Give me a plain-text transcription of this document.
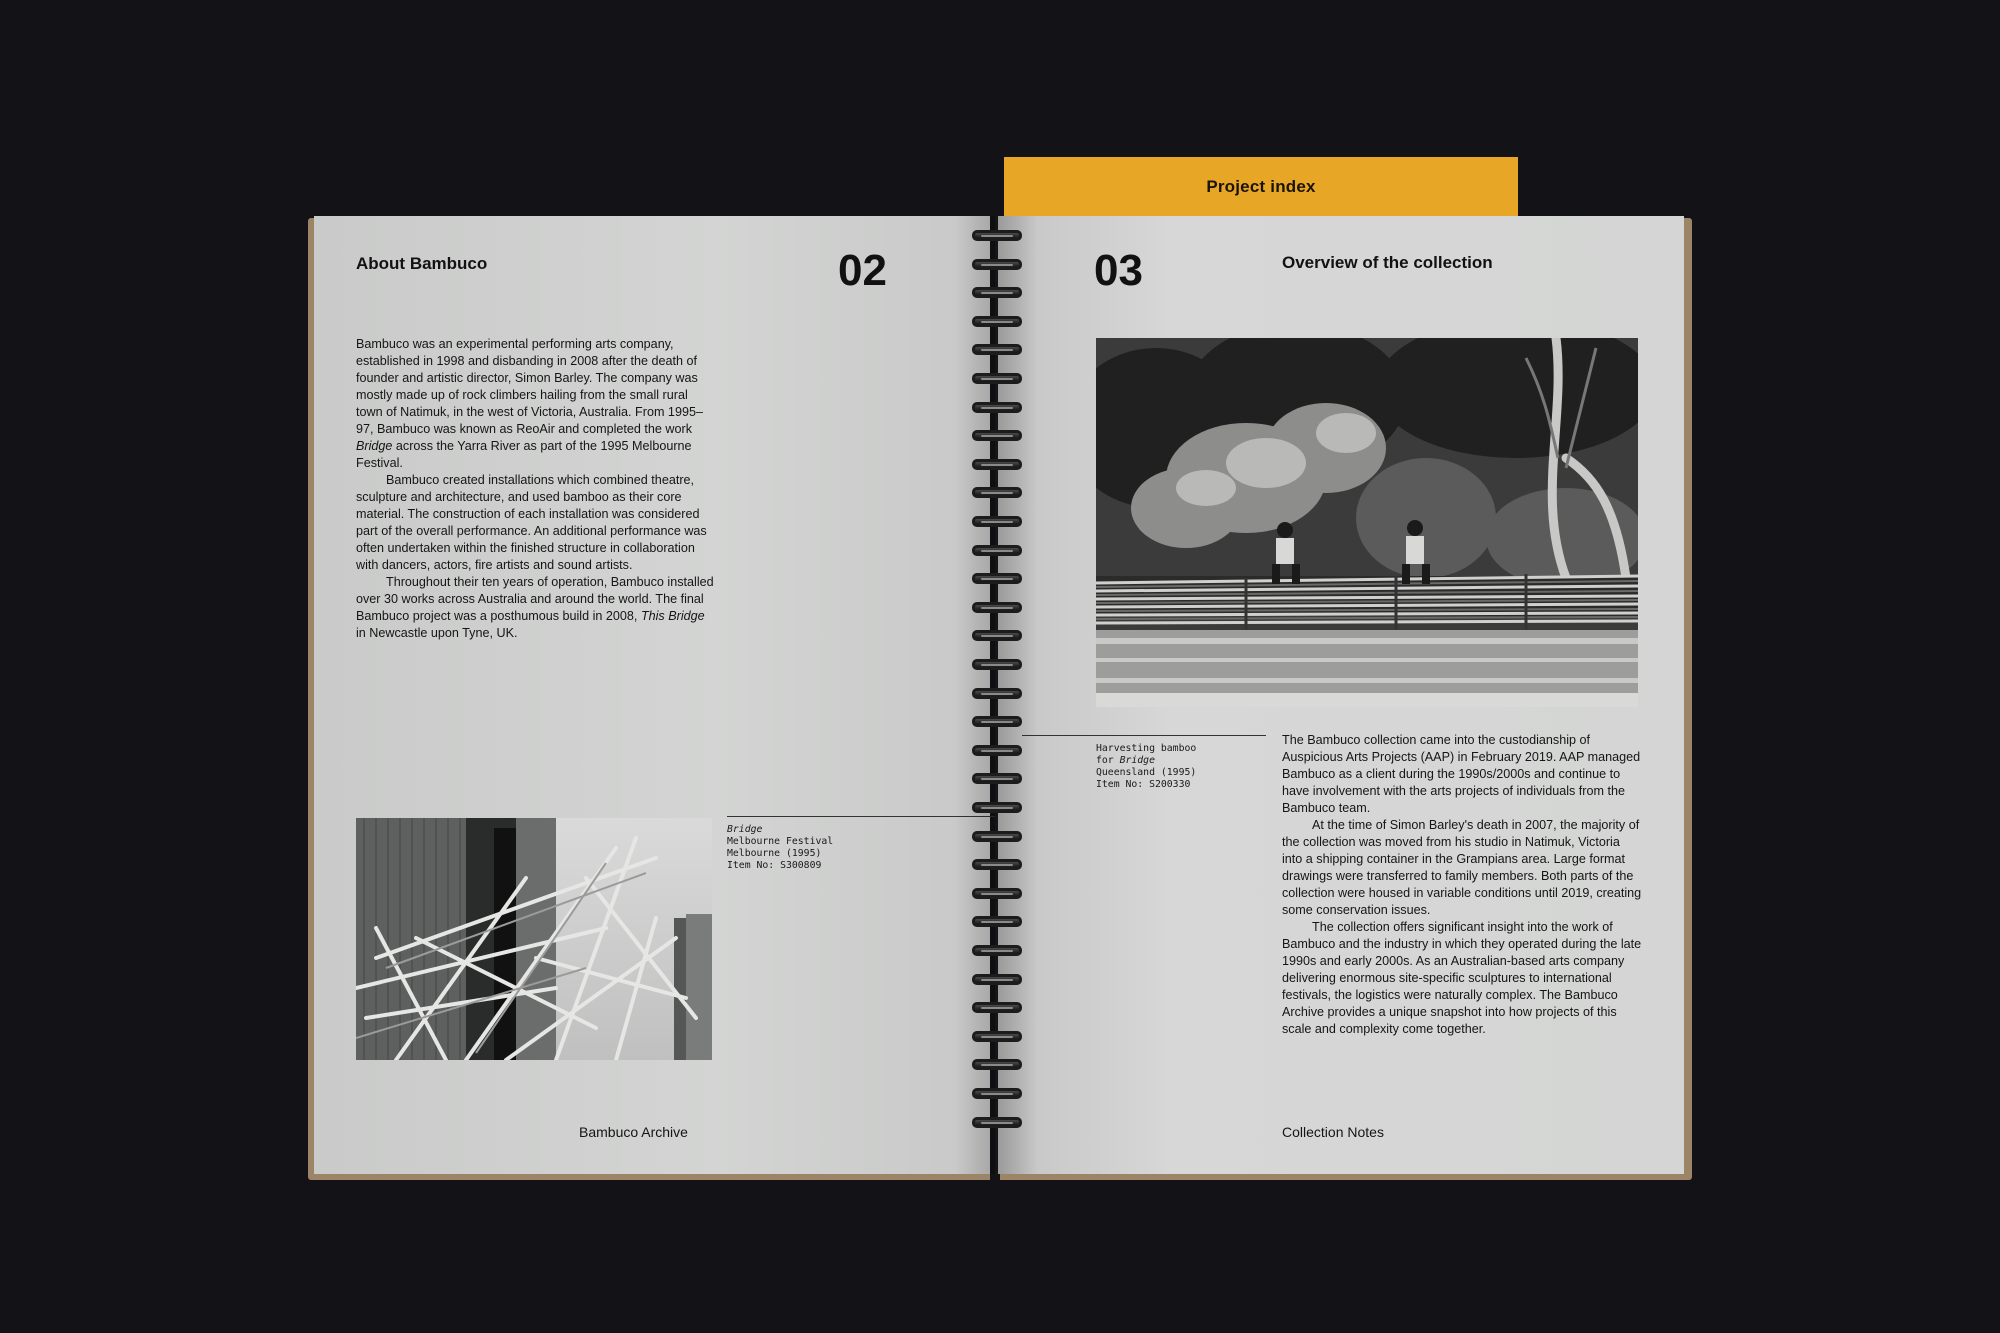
Project index
About Bambuco	02

Bambuco was an experimental performing arts company, established in 1998 and disbanding in 2008 after the death of founder and artistic director, Simon Barley. The company was mostly made up of rock climbers hailing from the small rural town of Natimuk, in the west of Victoria, Australia. From 1995–97, Bambuco was known as ReoAir and completed the work Bridge across the Yarra River as part of the 1995 Melbourne Festival.

Bambuco created installations which combined theatre, sculpture and architecture, and used bamboo as their core material. The construction of each installation was considered part of the overall performance. An additional performance was often undertaken within the finished structure in collaboration with dancers, actors, fire artists and sound artists.

Throughout their ten years of operation, Bambuco installed over 30 works across Australia and around the world. The final Bambuco project was a posthumous build in 2008, This Bridge in Newcastle upon Tyne, UK.

Bridge
Melbourne Festival
Melbourne (1995)
Item No: S300809
Bambuco Archive
03	Overview of the collection
Harvesting bamboo
for Bridge
Queensland (1995)
Item No: S200330

The Bambuco collection came into the custodianship of Auspicious Arts Projects (AAP) in February 2019. AAP managed Bambuco as a client during the 1990s/2000s and continue to have involvement with the arts projects of individuals from the Bambuco team.

At the time of Simon Barley's death in 2007, the majority of the collection was moved from his studio in Natimuk, Victoria into a shipping container in the Grampians area. Large format drawings were transferred to family members. Both parts of the collection were housed in variable conditions until 2019, creating some conservation issues.

The collection offers significant insight into the work of Bambuco and the industry in which they operated during the late 1990s and early 2000s. As an Australian-based arts company delivering enormous site-specific sculptures to international festivals, the logistics were naturally complex. The Bambuco Archive provides a unique snapshot into how projects of this scale and complexity come together.

Collection Notes
